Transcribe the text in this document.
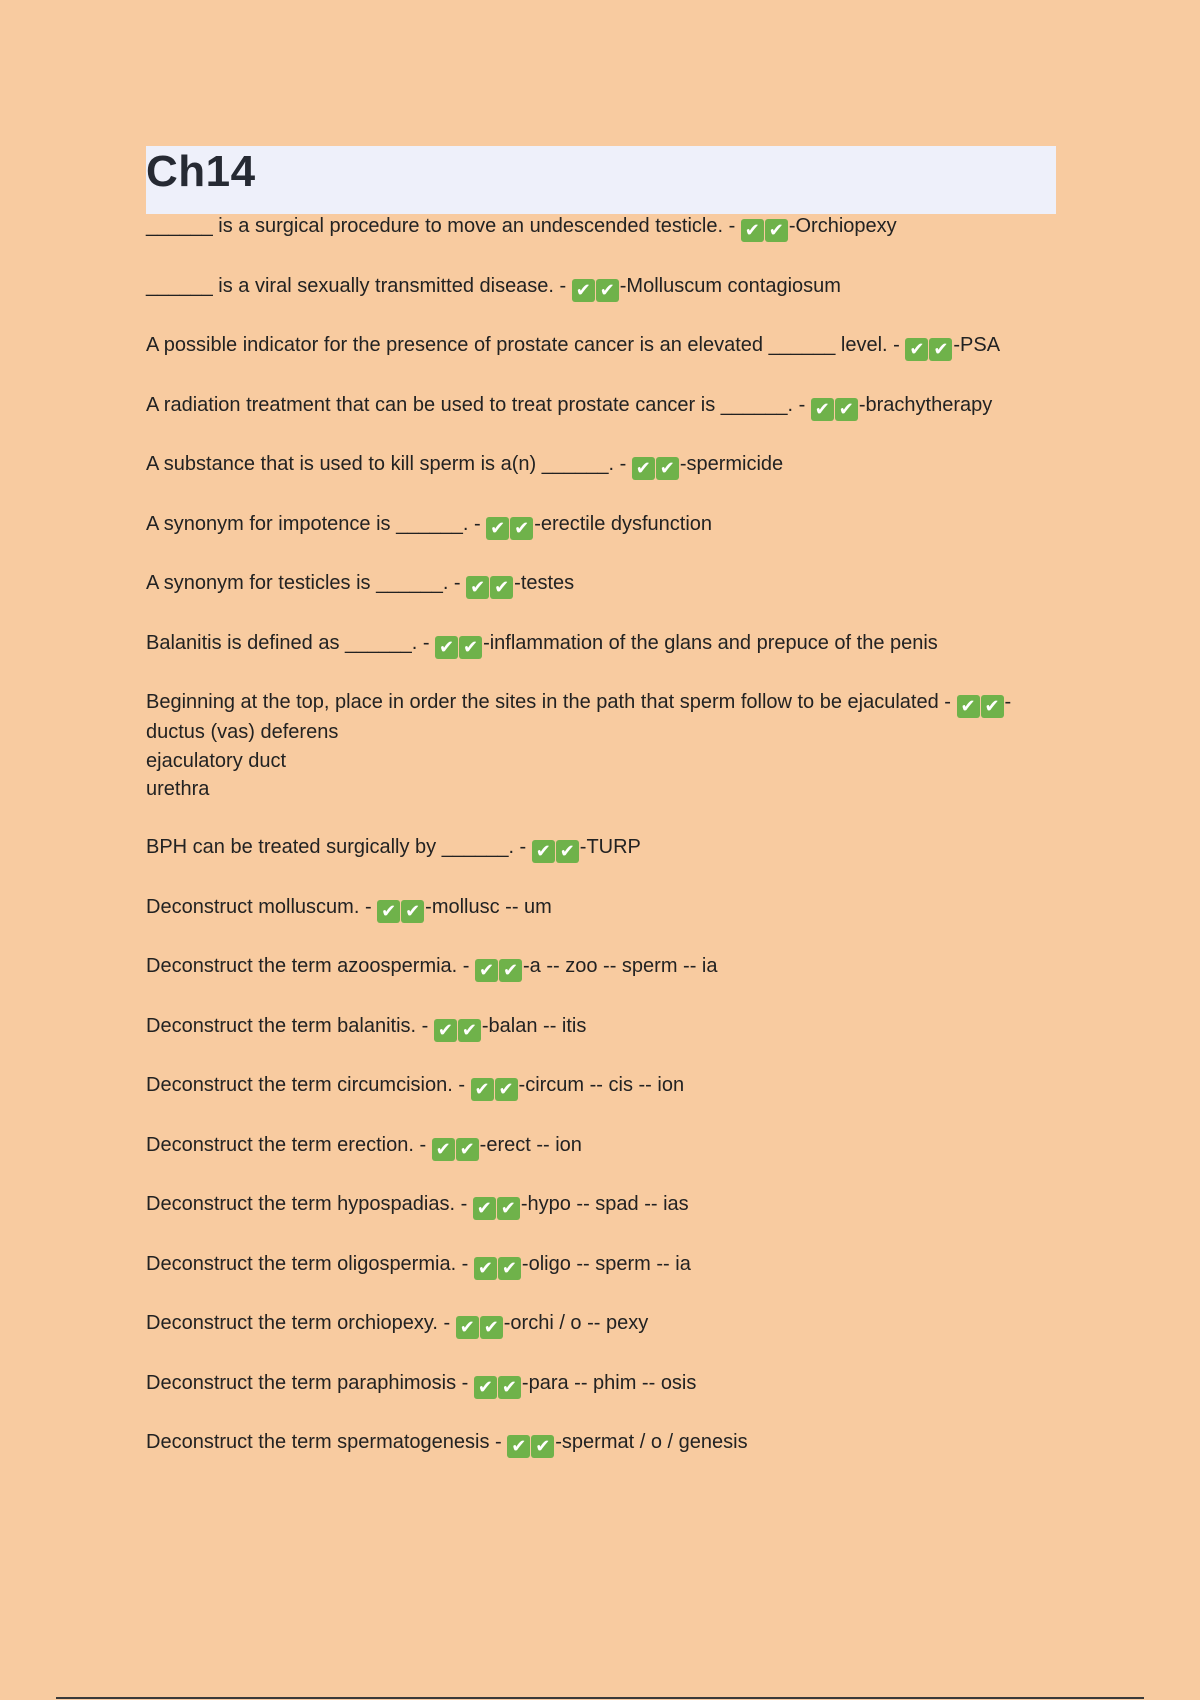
Ch14
______ is a surgical procedure to move an undescended testicle. - ✔ ✔ -Orchiopexy
______ is a viral sexually transmitted disease. - ✔ ✔ -Molluscum contagiosum
A possible indicator for the presence of prostate cancer is an elevated ______ level. - ✔ ✔ -PSA
A radiation treatment that can be used to treat prostate cancer is ______. - ✔ ✔ -brachytherapy
A substance that is used to kill sperm is a(n) ______. - ✔ ✔ -spermicide
A synonym for impotence is ______. - ✔ ✔ -erectile dysfunction
A synonym for testicles is ______. - ✔ ✔ -testes
Balanitis is defined as ______. - ✔ ✔ -inflammation of the glans and prepuce of the penis
Beginning at the top, place in order the sites in the path that sperm follow to be ejaculated - ✔ ✔ -ductus (vas) deferens
ejaculatory duct
urethra
BPH can be treated surgically by ______. - ✔ ✔ -TURP
Deconstruct molluscum. - ✔ ✔ -mollusc -- um
Deconstruct the term azoospermia. - ✔ ✔ -a -- zoo -- sperm -- ia
Deconstruct the term balanitis. - ✔ ✔ -balan -- itis
Deconstruct the term circumcision. - ✔ ✔ -circum -- cis -- ion
Deconstruct the term erection. - ✔ ✔ -erect -- ion
Deconstruct the term hypospadias. - ✔ ✔ -hypo -- spad -- ias
Deconstruct the term oligospermia. - ✔ ✔ -oligo -- sperm -- ia
Deconstruct the term orchiopexy. - ✔ ✔ -orchi / o -- pexy
Deconstruct the term paraphimosis - ✔ ✔ -para -- phim -- osis
Deconstruct the term spermatogenesis - ✔ ✔ -spermat / o / genesis
